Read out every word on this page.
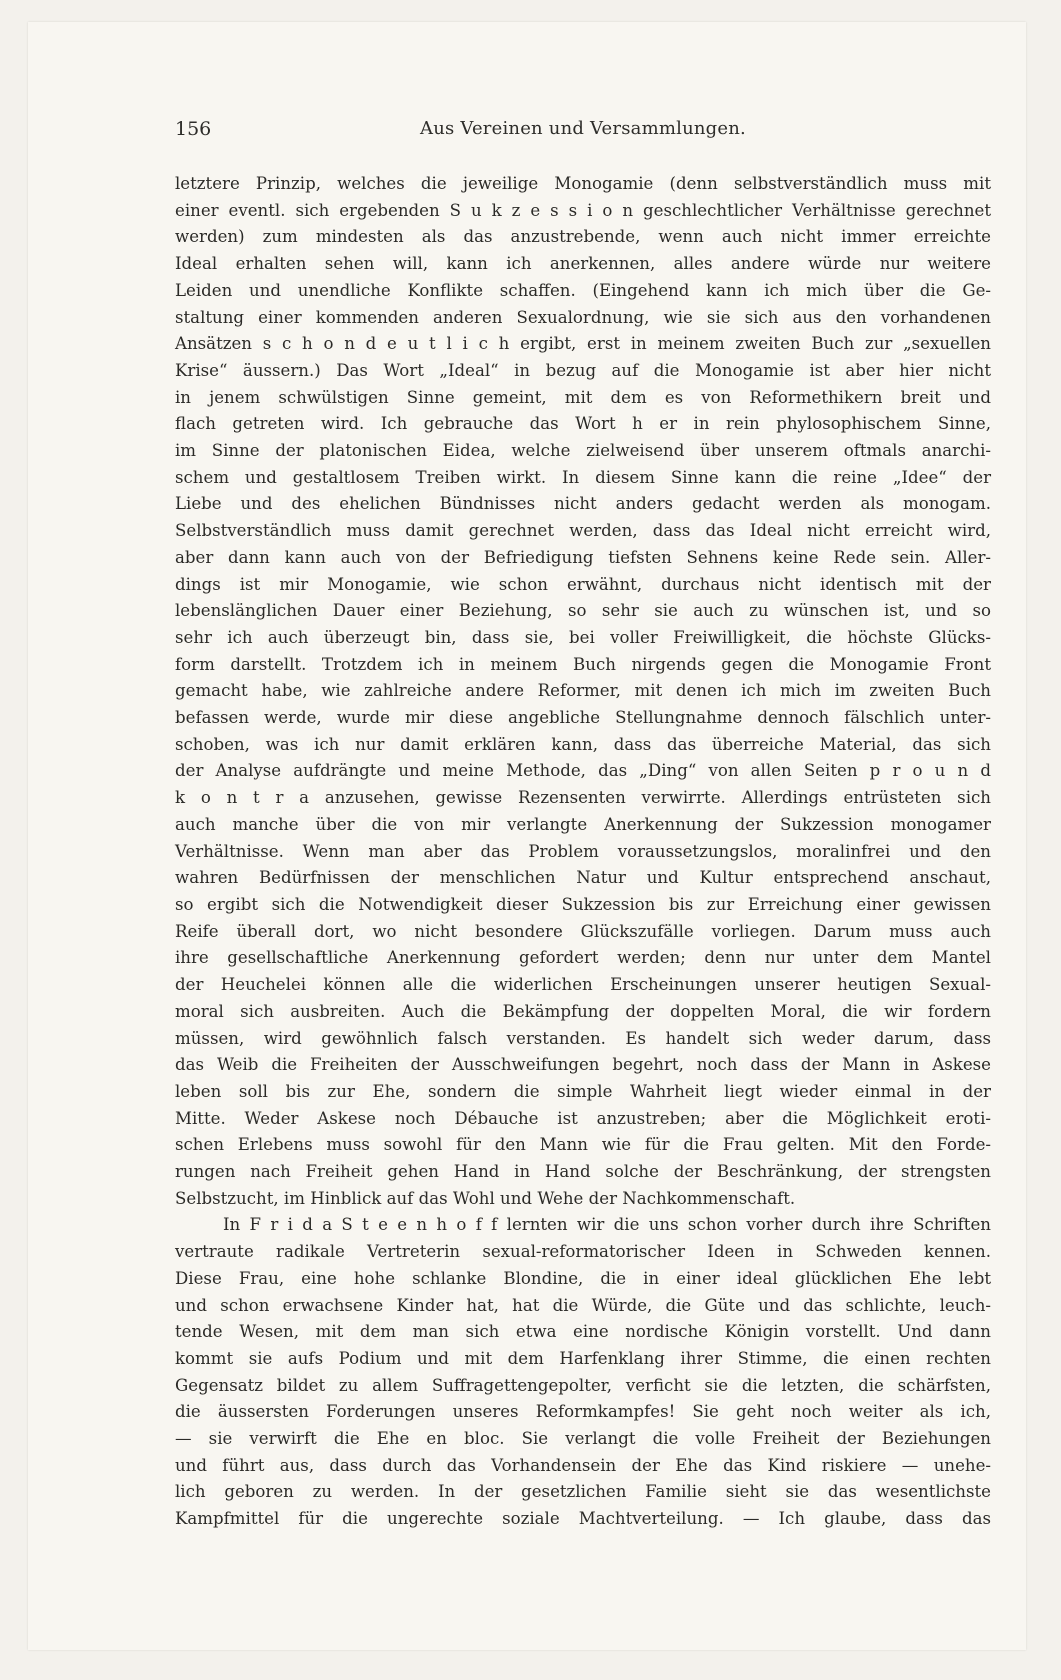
156	Aus Vereinen und Versammlungen.
letztere Prinzip, welches die jeweilige Monogamie (denn selbstverständlich muss mit
einer eventl. sich ergebenden S u k z e s s i o n geschlechtlicher Verhältnisse gerechnet
werden) zum mindesten als das anzustrebende, wenn auch nicht immer erreichte
Ideal erhalten sehen will, kann ich anerkennen, alles andere würde nur weitere
Leiden und unendliche Konflikte schaffen. (Eingehend kann ich mich über die Ge-
staltung einer kommenden anderen Sexualordnung, wie sie sich aus den vorhandenen
Ansätzen s c h o n d e u t l i c h ergibt, erst in meinem zweiten Buch zur „sexuellen
Krise“ äussern.) Das Wort „Ideal“ in bezug auf die Monogamie ist aber hier nicht
in jenem schwülstigen Sinne gemeint, mit dem es von Reformethikern breit und
flach getreten wird. Ich gebrauche das Wort h er in rein phylosophischem Sinne,
im Sinne der platonischen Eidea, welche zielweisend über unserem oftmals anarchi-
schem und gestaltlosem Treiben wirkt. In diesem Sinne kann die reine „Idee“ der
Liebe und des ehelichen Bündnisses nicht anders gedacht werden als monogam.
Selbstverständlich muss damit gerechnet werden, dass das Ideal nicht erreicht wird,
aber dann kann auch von der Befriedigung tiefsten Sehnens keine Rede sein. Aller-
dings ist mir Monogamie, wie schon erwähnt, durchaus nicht identisch mit der
lebenslänglichen Dauer einer Beziehung, so sehr sie auch zu wünschen ist, und so
sehr ich auch überzeugt bin, dass sie, bei voller Freiwilligkeit, die höchste Glücks-
form darstellt. Trotzdem ich in meinem Buch nirgends gegen die Monogamie Front
gemacht habe, wie zahlreiche andere Reformer, mit denen ich mich im zweiten Buch
befassen werde, wurde mir diese angebliche Stellungnahme dennoch fälschlich unter-
schoben, was ich nur damit erklären kann, dass das überreiche Material, das sich
der Analyse aufdrängte und meine Methode, das „Ding“ von allen Seiten p r o u n d
k o n t r a anzusehen, gewisse Rezensenten verwirrte. Allerdings entrüsteten sich
auch manche über die von mir verlangte Anerkennung der Sukzession monogamer
Verhältnisse. Wenn man aber das Problem voraussetzungslos, moralinfrei und den
wahren Bedürfnissen der menschlichen Natur und Kultur entsprechend anschaut,
so ergibt sich die Notwendigkeit dieser Sukzession bis zur Erreichung einer gewissen
Reife überall dort, wo nicht besondere Glückszufälle vorliegen. Darum muss auch
ihre gesellschaftliche Anerkennung gefordert werden; denn nur unter dem Mantel
der Heuchelei können alle die widerlichen Erscheinungen unserer heutigen Sexual-
moral sich ausbreiten. Auch die Bekämpfung der doppelten Moral, die wir fordern
müssen, wird gewöhnlich falsch verstanden. Es handelt sich weder darum, dass
das Weib die Freiheiten der Ausschweifungen begehrt, noch dass der Mann in Askese
leben soll bis zur Ehe, sondern die simple Wahrheit liegt wieder einmal in der
Mitte. Weder Askese noch Débauche ist anzustreben; aber die Möglichkeit eroti-
schen Erlebens muss sowohl für den Mann wie für die Frau gelten. Mit den Forde-
rungen nach Freiheit gehen Hand in Hand solche der Beschränkung, der strengsten
Selbstzucht, im Hinblick auf das Wohl und Wehe der Nachkommenschaft.
In F r i d a S t e e n h o f f lernten wir die uns schon vorher durch ihre Schriften
vertraute radikale Vertreterin sexual-reformatorischer Ideen in Schweden kennen.
Diese Frau, eine hohe schlanke Blondine, die in einer ideal glücklichen Ehe lebt
und schon erwachsene Kinder hat, hat die Würde, die Güte und das schlichte, leuch-
tende Wesen, mit dem man sich etwa eine nordische Königin vorstellt. Und dann
kommt sie aufs Podium und mit dem Harfenklang ihrer Stimme, die einen rechten
Gegensatz bildet zu allem Suffragettengepolter, verficht sie die letzten, die schärfsten,
die äussersten Forderungen unseres Reformkampfes! Sie geht noch weiter als ich,
— sie verwirft die Ehe en bloc. Sie verlangt die volle Freiheit der Beziehungen
und führt aus, dass durch das Vorhandensein der Ehe das Kind riskiere — unehe-
lich geboren zu werden. In der gesetzlichen Familie sieht sie das wesentlichste
Kampfmittel für die ungerechte soziale Machtverteilung. — Ich glaube, dass das
